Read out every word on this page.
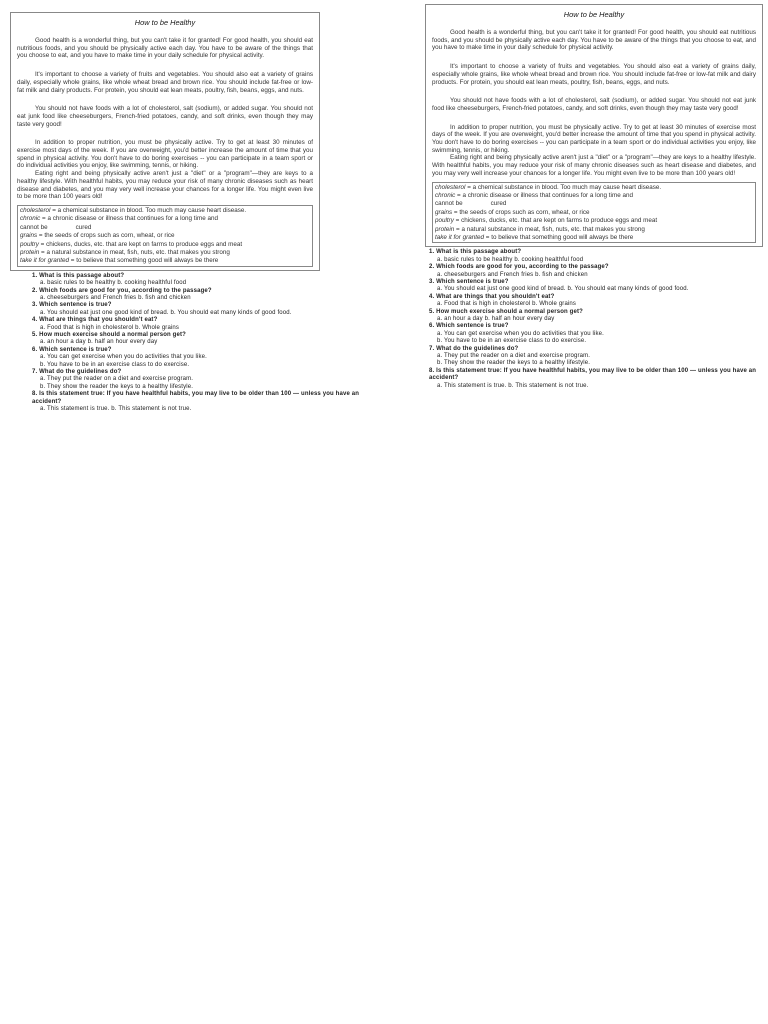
How to be Healthy

Good health is a wonderful thing, but you can't take it for granted! For good health, you should eat nutritious foods, and you should be physically active each day. You have to be aware of the things that you choose to eat, and you have to make time in your daily schedule for physical activity.

It's important to choose a variety of fruits and vegetables. You should also eat a variety of grains daily, especially whole grains, like whole wheat bread and brown rice. You should include fat-free or low-fat milk and dairy products. For protein, you should eat lean meats, poultry, fish, beans, eggs, and nuts.

You should not have foods with a lot of cholesterol, salt (sodium), or added sugar. You should not eat junk food like cheeseburgers, French-fried potatoes, candy, and soft drinks, even though they may taste very good!

In addition to proper nutrition, you must be physically active. Try to get at least 30 minutes of exercise most days of the week. If you are overweight, you'd better increase the amount of time that you spend in physical activity. You don't have to do boring exercises -- you can participate in a team sport or do individual activities you enjoy, like swimming, tennis, or hiking.

Eating right and being physically active aren't just a "diet" or a "program"—they are keys to a healthy lifestyle. With healthful habits, you may reduce your risk of many chronic diseases such as heart disease and diabetes, and you may very well increase your chances for a longer life. You might even live to be more than 100 years old!

cholesterol = a chemical substance in blood. Too much may cause heart disease.
chronic = a chronic disease or illness that continues for a long time and
cannot be                cured
grains = the seeds of crops such as corn, wheat, or rice
poultry = chickens, ducks, etc. that are kept on farms to produce eggs and meat
protein = a natural substance in meat, fish, nuts, etc. that makes you strong
take it for granted = to believe that something good will always be there
1. What is this passage about?
a. basic rules to be healthy b. cooking healthful food
2. Which foods are good for you, according to the passage?
a. cheeseburgers and French fries b. fish and chicken
3. Which sentence is true?
a. You should eat just one good kind of bread. b. You should eat many kinds of good food.
4. What are things that you shouldn't eat?
a. Food that is high in cholesterol b. Whole grains
5. How much exercise should a normal person get?
a. an hour a day b. half an hour every day
6. Which sentence is true?
a. You can get exercise when you do activities that you like.
b. You have to be in an exercise class to do exercise.
7. What do the guidelines do?
a. They put the reader on a diet and exercise program.
b. They show the reader the keys to a healthy lifestyle.
8. Is this statement true: If you have healthful habits, you may live to be older than 100 — unless you have an accident?
a. This statement is true. b. This statement is not true.
How to be Healthy

Good health is a wonderful thing, but you can't take it for granted! For good health, you should eat nutritious foods, and you should be physically active each day. You have to be aware of the things that you choose to eat, and you have to make time in your daily schedule for physical activity.

It's important to choose a variety of fruits and vegetables. You should also eat a variety of grains daily, especially whole grains, like whole wheat bread and brown rice. You should include fat-free or low-fat milk and dairy products. For protein, you should eat lean meats, poultry, fish, beans, eggs, and nuts.

You should not have foods with a lot of cholesterol, salt (sodium), or added sugar. You should not eat junk food like cheeseburgers, French-fried potatoes, candy, and soft drinks, even though they may taste very good!

In addition to proper nutrition, you must be physically active. Try to get at least 30 minutes of exercise most days of the week. If you are overweight, you'd better increase the amount of time that you spend in physical activity. You don't have to do boring exercises -- you can participate in a team sport or do individual activities you enjoy, like swimming, tennis, or hiking.

Eating right and being physically active aren't just a "diet" or a "program"—they are keys to a healthy lifestyle. With healthful habits, you may reduce your risk of many chronic diseases such as heart disease and diabetes, and you may very well increase your chances for a longer life. You might even live to be more than 100 years old!

cholesterol = a chemical substance in blood. Too much may cause heart disease.
chronic = a chronic disease or illness that continues for a long time and
cannot be                cured
grains = the seeds of crops such as corn, wheat, or rice
poultry = chickens, ducks, etc. that are kept on farms to produce eggs and meat
protein = a natural substance in meat, fish, nuts, etc. that makes you strong
take it for granted = to believe that something good will always be there
1. What is this passage about?
a. basic rules to be healthy b. cooking healthful food
2. Which foods are good for you, according to the passage?
a. cheeseburgers and French fries b. fish and chicken
3. Which sentence is true?
a. You should eat just one good kind of bread. b. You should eat many kinds of good food.
4. What are things that you shouldn't eat?
a. Food that is high in cholesterol b. Whole grains
5. How much exercise should a normal person get?
a. an hour a day b. half an hour every day
6. Which sentence is true?
a. You can get exercise when you do activities that you like.
b. You have to be in an exercise class to do exercise.
7. What do the guidelines do?
a. They put the reader on a diet and exercise program.
b. They show the reader the keys to a healthy lifestyle.
8. Is this statement true: If you have healthful habits, you may live to be older than 100 — unless you have an accident?
a. This statement is true. b. This statement is not true.
